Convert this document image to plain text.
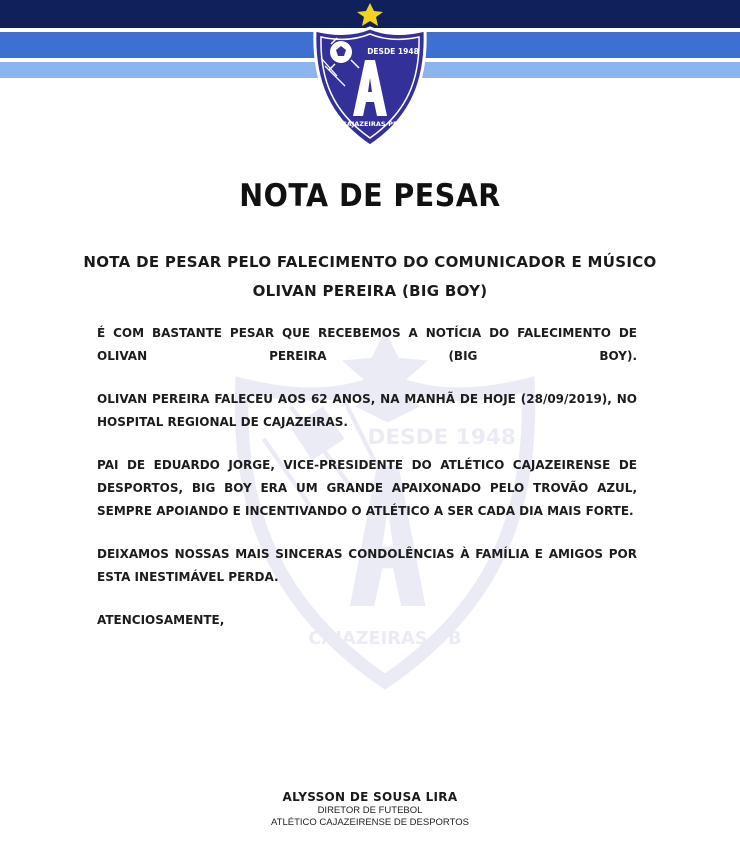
DESDE 1948
CAJAZEIRAS-PB
DESDE 1948
CAJAZEIRAS-PB
NOTA DE PESAR
NOTA DE PESAR PELO FALECIMENTO DO COMUNICADOR E MÚSICO
OLIVAN PEREIRA (BIG BOY)

É COM BASTANTE PESAR QUE RECEBEMOS A NOTÍCIA DO FALECIMENTO DE OLIVAN PEREIRA (BIG BOY).

OLIVAN PEREIRA FALECEU AOS 62 ANOS, NA MANHÃ DE HOJE (28/09/2019), NO HOSPITAL REGIONAL DE CAJAZEIRAS.

PAI DE EDUARDO JORGE, VICE-PRESIDENTE DO ATLÉTICO CAJAZEIRENSE DE DESPORTOS, BIG BOY ERA UM GRANDE APAIXONADO PELO TROVÃO AZUL, SEMPRE APOIANDO E INCENTIVANDO O ATLÉTICO A SER CADA DIA MAIS FORTE.

DEIXAMOS NOSSAS MAIS SINCERAS CONDOLÊNCIAS À FAMÍLIA E AMIGOS POR ESTA INESTIMÁVEL PERDA.

ATENCIOSAMENTE,

ALYSSON DE SOUSA LIRA
DIRETOR DE FUTEBOL
ATLÉTICO CAJAZEIRENSE DE DESPORTOS
